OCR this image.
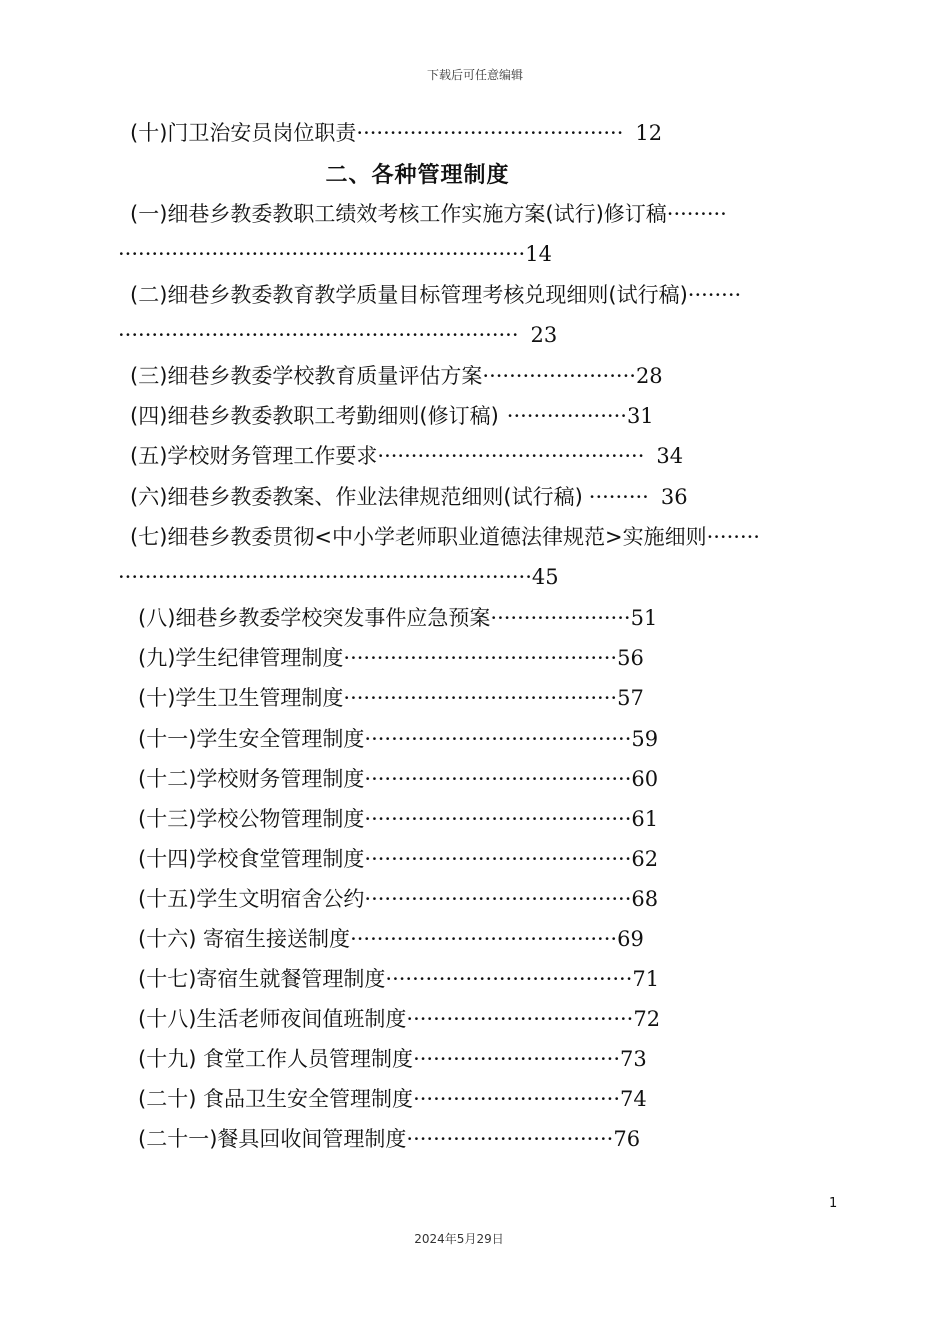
下载后可任意编辑
(十)门卫治安员岗位职责········································ 12
二、各种管理制度
(一)细巷乡教委教职工绩效考核工作实施方案(试行)修订稿·········
·····························································14
(二)细巷乡教委教育教学质量目标管理考核兑现细则(试行稿)········
···························································· 23
(三)细巷乡教委学校教育质量评估方案·······················28
(四)细巷乡教委教职工考勤细则(修订稿) ··················31
(五)学校财务管理工作要求········································ 34
(六)细巷乡教委教案、作业法律规范细则(试行稿) ········· 36
(七)细巷乡教委贯彻<中小学老师职业道德法律规范>实施细则········
······························································45
(八)细巷乡教委学校突发事件应急预案·····················51
(九)学生纪律管理制度·········································56
(十)学生卫生管理制度·········································57
(十一)学生安全管理制度········································59
(十二)学校财务管理制度········································60
(十三)学校公物管理制度········································61
(十四)学校食堂管理制度········································62
(十五)学生文明宿舍公约········································68
(十六) 寄宿生接送制度········································69
(十七)寄宿生就餐管理制度·····································71
(十八)生活老师夜间值班制度··································72
(十九) 食堂工作人员管理制度·······························73
(二十) 食品卫生安全管理制度·······························74
(二十一)餐具回收间管理制度·······························76
1
2024年5月29日
